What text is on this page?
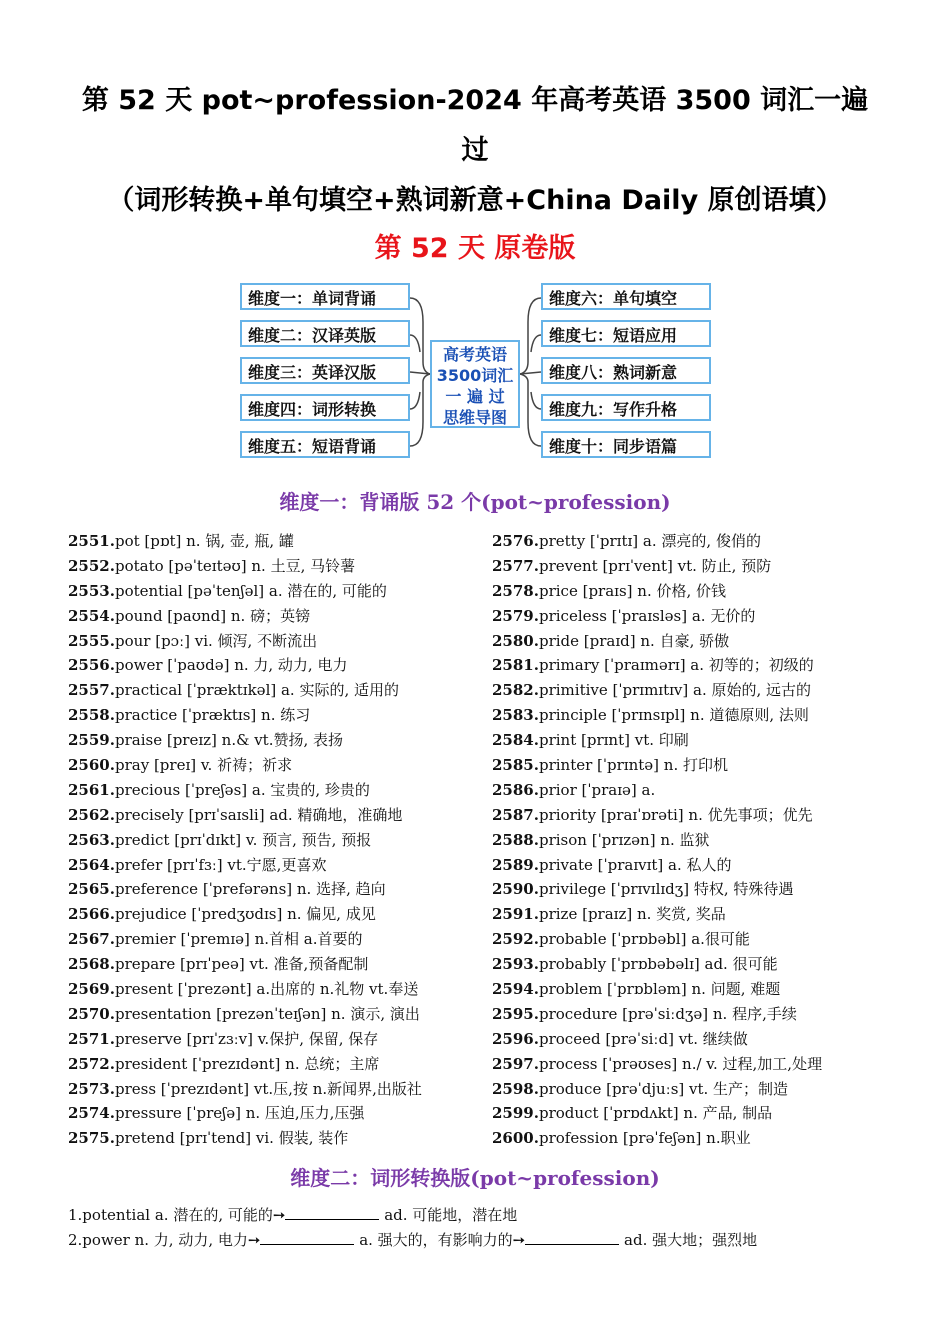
第 52 天 pot~profession-2024 年高考英语 3500 词汇一遍
过
（词形转换+单句填空+熟词新意+China Daily 原创语填）
第 52 天 原卷版
维度一：单词背诵
维度二：汉译英版
维度三：英译汉版
维度四：词形转换
维度五：短语背诵
高考英语
3500词汇
一 遍 过
思维导图
维度六：单句填空
维度七：短语应用
维度八：熟词新意
维度九：写作升格
维度十：同步语篇
维度一：背诵版 52 个(pot~profession)
2551.pot [pɒt] n. 锅, 壶, 瓶, 罐
2552.potato [pəˈteɪtəʊ] n. 土豆, 马铃薯
2553.potential [pəˈtenʃəl] a. 潜在的, 可能的
2554.pound [paʊnd] n. 磅；英镑
2555.pour [pɔː] vi. 倾泻, 不断流出
2556.power [ˈpaʊdə] n. 力, 动力, 电力
2557.practical [ˈpræktɪkəl] a. 实际的, 适用的
2558.practice [ˈpræktɪs] n. 练习
2559.praise [preɪz] n.& vt.赞扬, 表扬
2560.pray [preɪ] v. 祈祷；祈求
2561.precious [ˈpreʃəs] a. 宝贵的, 珍贵的
2562.precisely [prɪˈsaɪsli] ad. 精确地，准确地
2563.predict [prɪˈdɪkt] v. 预言, 预告, 预报
2564.prefer [prɪˈfɜː] vt.宁愿,更喜欢
2565.preference [ˈprefərəns] n. 选择, 趋向
2566.prejudice [ˈpredʒʊdɪs] n. 偏见, 成见
2567.premier [ˈpremɪə] n.首相 a.首要的
2568.prepare [prɪˈpeə] vt. 准备,预备配制
2569.present [ˈprezənt] a.出席的 n.礼物 vt.奉送
2570.presentation [prezənˈteɪʃən] n. 演示, 演出
2571.preserve [prɪˈzɜːv] v.保护, 保留, 保存
2572.president [ˈprezɪdənt] n. 总统；主席
2573.press [ˈprezɪdənt] vt.压,按 n.新闻界,出版社
2574.pressure [ˈpreʃə] n. 压迫,压力,压强
2575.pretend [prɪˈtend] vi. 假装, 装作
2576.pretty [ˈprɪtɪ] a. 漂亮的, 俊俏的
2577.prevent [prɪˈvent] vt. 防止, 预防
2578.price [praɪs] n. 价格, 价钱
2579.priceless [ˈpraɪsləs] a. 无价的
2580.pride [praɪd] n. 自豪, 骄傲
2581.primary [ˈpraɪmərɪ] a. 初等的；初级的
2582.primitive [ˈprɪmɪtɪv] a. 原始的, 远古的
2583.principle [ˈprɪnsɪpl] n. 道德原则, 法则
2584.print [prɪnt] vt. 印刷
2585.printer [ˈprɪntə] n. 打印机
2586.prior [ˈpraɪə] a.
2587.priority [praɪˈɒrəti] n. 优先事项；优先
2588.prison [ˈprɪzən] n. 监狱
2589.private [ˈpraɪvɪt] a. 私人的
2590.privilege [ˈprɪvɪlɪdʒ] 特权, 特殊待遇
2591.prize [praɪz] n. 奖赏, 奖品
2592.probable [ˈprɒbəbl] a.很可能
2593.probably [ˈprɒbəbəlɪ] ad. 很可能
2594.problem [ˈprɒbləm] n. 问题, 难题
2595.procedure [prəˈsiːdʒə] n. 程序,手续
2596.proceed [prəˈsiːd] vt. 继续做
2597.process [ˈprəʊses] n./ v. 过程,加工,处理
2598.produce [prəˈdjuːs] vt. 生产；制造
2599.product [ˈprɒdʌkt] n. 产品, 制品
2600.profession [prəˈfeʃən] n.职业
维度二：词形转换版(pot~profession)
1.potential a. 潜在的, 可能的➙	ad. 可能地，潜在地
2.power n. 力, 动力, 电力➙	a. 强大的，有影响力的➙	ad. 强大地；强烈地
